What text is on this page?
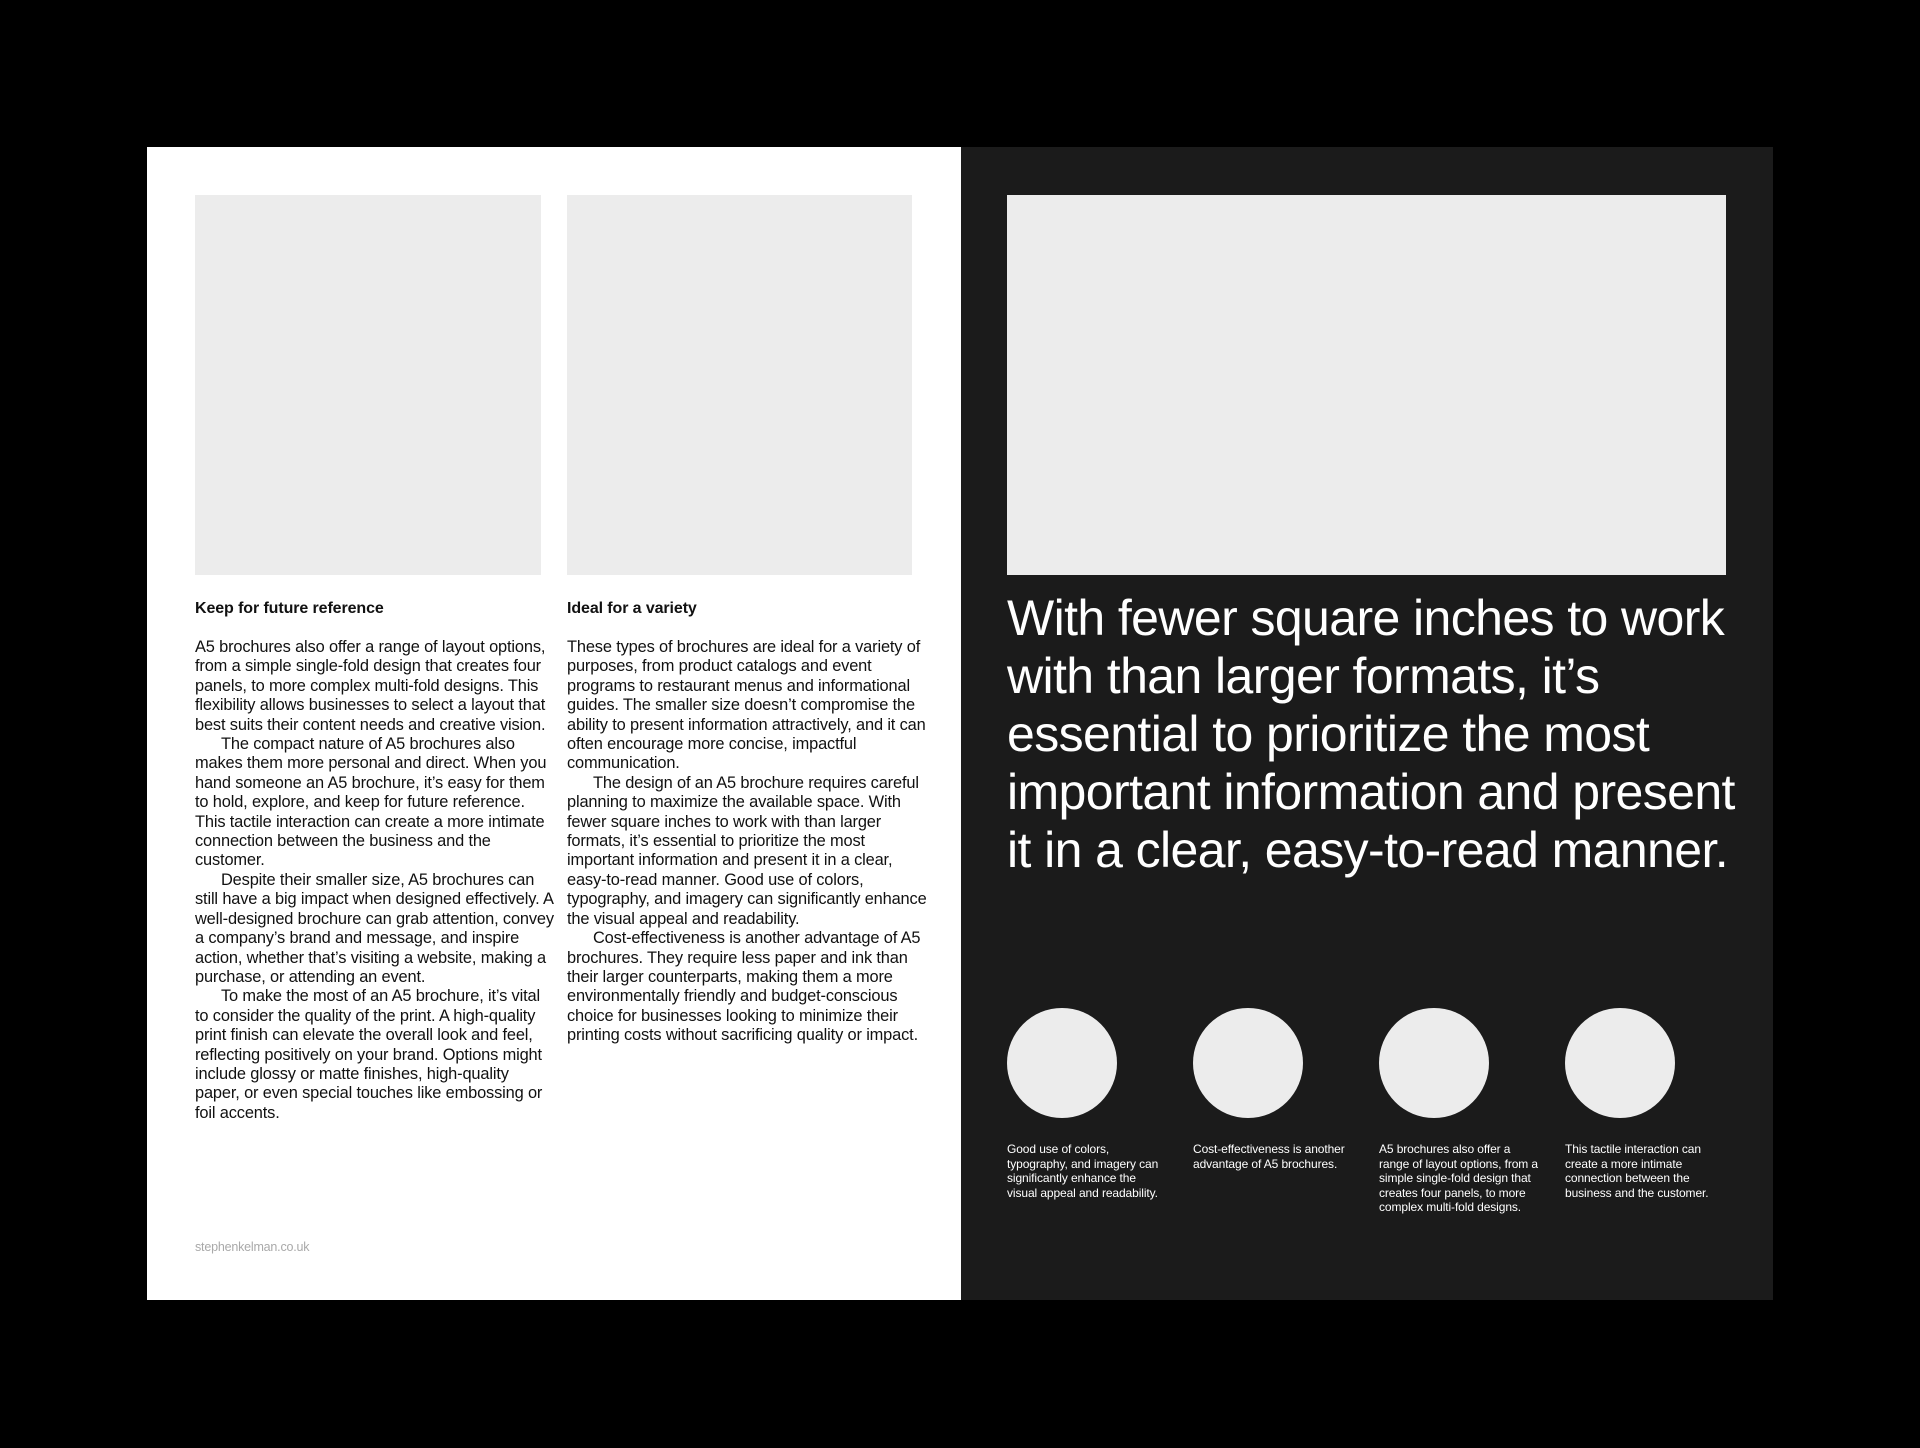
Keep for future reference

A5 brochures also offer a range of layout options, from a simple single-fold design that creates four panels, to more complex multi-fold designs. This flexibility allows businesses to select a layout that best suits their content needs and creative vision.

The compact nature of A5 brochures also makes them more personal and direct. When you hand someone an A5 brochure, it’s easy for them to hold, explore, and keep for future reference. This tactile interaction can create a more intimate connection between the business and the customer.

Despite their smaller size, A5 brochures can still have a big impact when designed effectively. A well-designed brochure can grab attention, convey a company’s brand and message, and inspire action, whether that’s visiting a website, making a purchase, or attending an event.

To make the most of an A5 brochure, it’s vital to consider the quality of the print. A high-quality print finish can elevate the overall look and feel, reflecting positively on your brand. Options might include glossy or matte finishes, high-quality paper, or even special touches like embossing or foil accents.

Ideal for a variety

These types of brochures are ideal for a variety of purposes, from product catalogs and event programs to restaurant menus and informational guides. The smaller size doesn’t compromise the ability to present information attractively, and it can often encourage more concise, impactful communication.

The design of an A5 brochure requires careful planning to maximize the available space. With fewer square inches to work with than larger formats, it’s essential to prioritize the most important information and present it in a clear, easy-to-read manner. Good use of colors, typography, and imagery can significantly enhance the visual appeal and readability.

Cost-effectiveness is another advantage of A5 brochures. They require less paper and ink than their larger counterparts, making them a more environmentally friendly and budget-conscious choice for businesses looking to minimize their printing costs without sacrificing quality or impact.

stephenkelman.co.uk
With fewer square inches to work with than larger formats, it’s essential to prioritize the most important information and present it in a clear, easy-to-read manner.
Good use of colors, typography, and imagery can significantly enhance the visual appeal and readability.
Cost-effectiveness is another advantage of A5 brochures.
A5 brochures also offer a range of layout options, from a simple single-fold design that creates four panels, to more complex multi-fold designs.
This tactile interaction can create a more intimate connection between the business and the customer.
